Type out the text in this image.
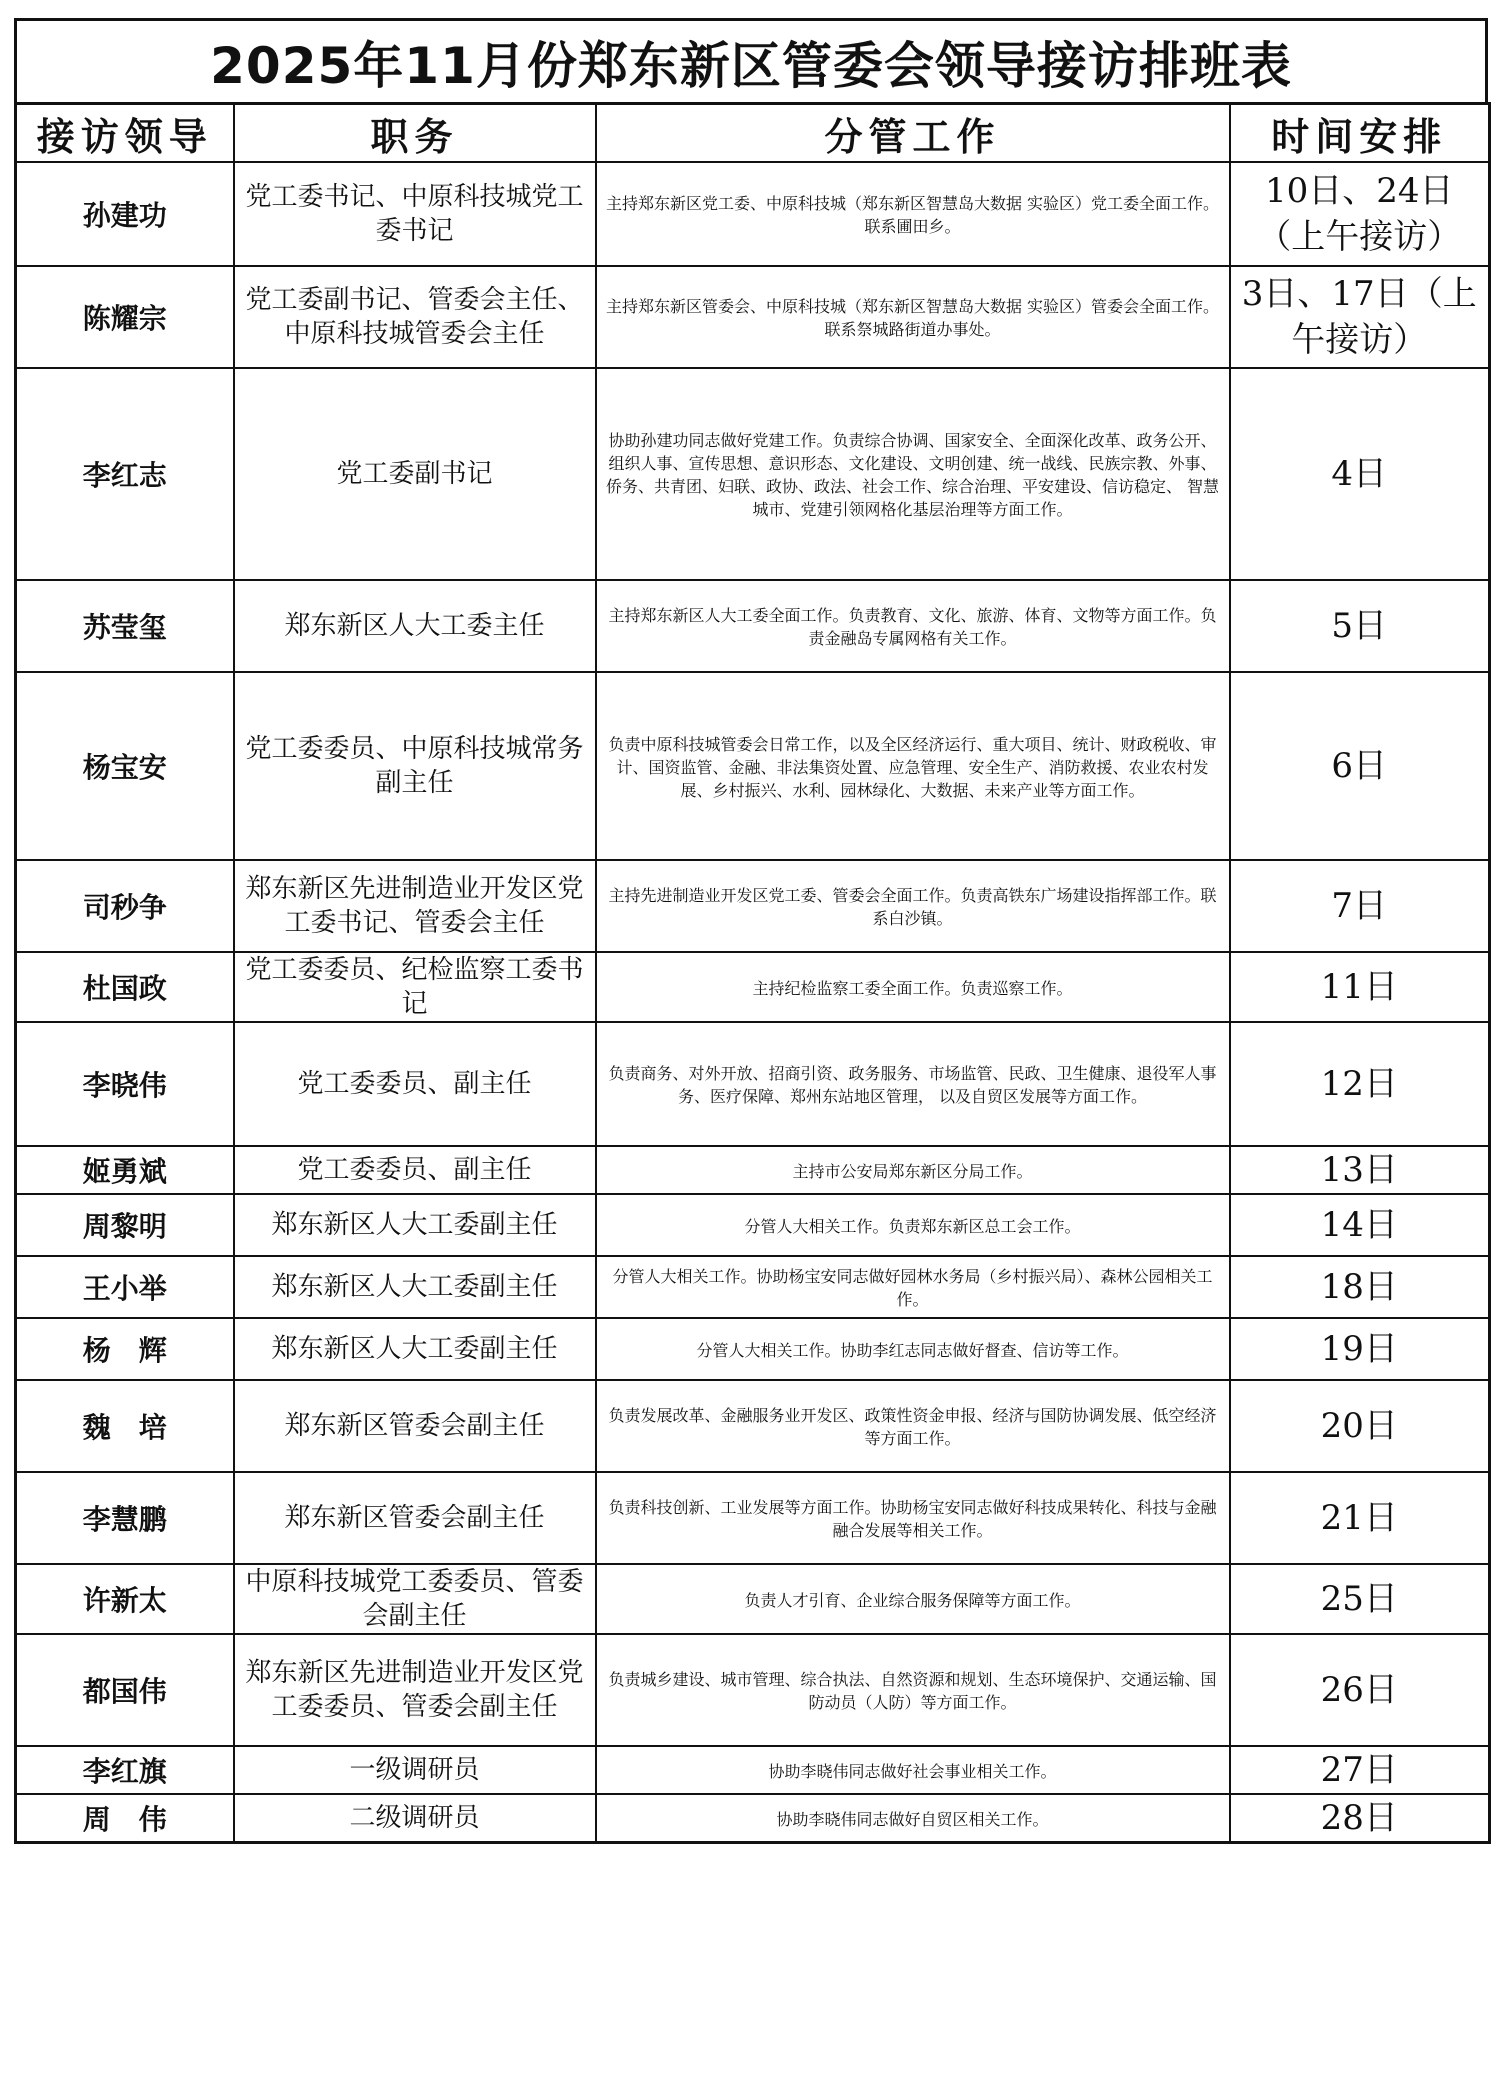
2025年11月份郑东新区管委会领导接访排班表
接访领导	职务	分管工作	时间安排
孙建功	党工委书记、中原科技城党工委书记	主持郑东新区党工委、中原科技城（郑东新区智慧岛大数据 实验区）党工委全面工作。联系圃田乡。	10日、24日（上午接访）
陈耀宗	党工委副书记、管委会主任、中原科技城管委会主任	主持郑东新区管委会、中原科技城（郑东新区智慧岛大数据 实验区）管委会全面工作。联系祭城路街道办事处。	3日、17日（上午接访）
李红志	党工委副书记	协助孙建功同志做好党建工作。负责综合协调、国家安全、全面深化改革、政务公开、组织人事、宣传思想、意识形态、文化建设、文明创建、统一战线、民族宗教、外事、侨务、共青团、妇联、政协、政法、社会工作、综合治理、平安建设、信访稳定、 智慧城市、党建引领网格化基层治理等方面工作。	4日
苏莹玺	郑东新区人大工委主任	主持郑东新区人大工委全面工作。负责教育、文化、旅游、体育、文物等方面工作。负责金融岛专属网格有关工作。	5日
杨宝安	党工委委员、中原科技城常务副主任	负责中原科技城管委会日常工作，以及全区经济运行、重大项目、统计、财政税收、审计、国资监管、金融、非法集资处置、应急管理、安全生产、消防救援、农业农村发展、乡村振兴、水利、园林绿化、大数据、未来产业等方面工作。	6日
司秒争	郑东新区先进制造业开发区党工委书记、管委会主任	主持先进制造业开发区党工委、管委会全面工作。负责高铁东广场建设指挥部工作。联系白沙镇。	7日
杜国政	党工委委员、纪检监察工委书记	主持纪检监察工委全面工作。负责巡察工作。	11日
李晓伟	党工委委员、副主任	负责商务、对外开放、招商引资、政务服务、市场监管、民政、卫生健康、退役军人事务、医疗保障、郑州东站地区管理， 以及自贸区发展等方面工作。	12日
姬勇斌	党工委委员、副主任	主持市公安局郑东新区分局工作。	13日
周黎明	郑东新区人大工委副主任	分管人大相关工作。负责郑东新区总工会工作。	14日
王小举	郑东新区人大工委副主任	分管人大相关工作。协助杨宝安同志做好园林水务局（乡村振兴局）、森林公园相关工作。	18日
杨　辉	郑东新区人大工委副主任	分管人大相关工作。协助李红志同志做好督查、信访等工作。	19日
魏　培	郑东新区管委会副主任	负责发展改革、金融服务业开发区、政策性资金申报、经济与国防协调发展、低空经济等方面工作。	20日
李慧鹏	郑东新区管委会副主任	负责科技创新、工业发展等方面工作。协助杨宝安同志做好科技成果转化、科技与金融融合发展等相关工作。	21日
许新太	中原科技城党工委委员、管委会副主任	负责人才引育、企业综合服务保障等方面工作。	25日
都国伟	郑东新区先进制造业开发区党工委委员、管委会副主任	负责城乡建设、城市管理、综合执法、自然资源和规划、生态环境保护、交通运输、国防动员（人防）等方面工作。	26日
李红旗	一级调研员	协助李晓伟同志做好社会事业相关工作。	27日
周　伟	二级调研员	协助李晓伟同志做好自贸区相关工作。	28日
